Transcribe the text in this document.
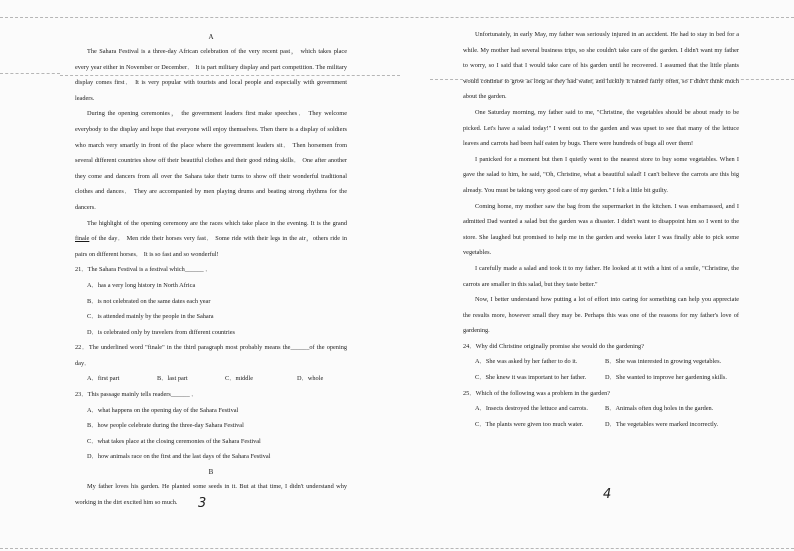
A

The Sahara Festival is a three-day African celebration of the very recent past， which takes place every year either in November or December． It is part military display and part competition. The military display comes first． It is very popular with tourists and local people and especially with government leaders.

During the opening ceremonies， the government leaders first make speeches． They welcome everybody to the display and hope that everyone will enjoy themselves. Then there is a display of soldiers who march very smartly in front of the place where the government leaders sit． Then horsemen from several different countries show off their beautiful clothes and their good riding skills． One after another they come and dancers from all over the Sahara take their turns to show off their wonderful traditional clothes and dances． They are accompanied by men playing drums and beating strong rhythms for the dancers.

The highlight of the opening ceremony are the races which take place in the evening. It is the grand finale of the day． Men ride their horses very fast． Some ride with their legs in the air，others ride in pairs on different horses． It is so fast and so wonderful!

21．The Sahara Festival is a festival which______ ．

A．has a very long history in North Africa

B．is not celebrated on the same dates each year

C．is attended mainly by the people in the Sahara

D．is celebrated only by travelers from different countries

22．The underlined word "finale" in the third paragraph most probably means the______of the opening day．

A．first part	B．last part	C．middle	D．whole

23．This passage mainly tells readers______ ．

A．what happens on the opening day of the Sahara Festival

B．how people celebrate during the three-day Sahara Festival

C．what takes place at the closing ceremonies of the Sahara Festival

D．how animals race on the first and the last days of the Sahara Festival

B

My father loves his garden. He planted some seeds in it. But at that time, I didn't understand why working in the dirt excited him so much.	3

Unfortunately, in early May, my father was seriously injured in an accident. He had to stay in bed for a while. My mother had several business trips, so she couldn't take care of the garden. I didn't want my father to worry, so I said that I would take care of his garden until he recovered. I assumed that the little plants would continue to grow as long as they had water, and luckily it rained fairly often, so I didn't think much about the garden.

One Saturday morning, my father said to me, "Christine, the vegetables should be about ready to be picked. Let's have a salad today!" I went out to the garden and was upset to see that many of the lettuce leaves and carrots had been half eaten by bugs. There were hundreds of bugs all over them!

I panicked for a moment but then I quietly went to the nearest store to buy some vegetables. When I gave the salad to him, he said, "Oh, Christine, what a beautiful salad! I can't believe the carrots are this big already. You must be taking very good care of my garden." I felt a little bit guilty.

Coming home, my mother saw the bag from the supermarket in the kitchen. I was embarrassed, and I admitted Dad wanted a salad but the garden was a disaster. I didn't want to disappoint him so I went to the store. She laughed but promised to help me in the garden and weeks later I was finally able to pick some vegetables.

I carefully made a salad and took it to my father. He looked at it with a hint of a smile, "Christine, the carrots are smaller in this salad, but they taste better."

Now, I better understand how putting a lot of effort into caring for something can help you appreciate the results more, however small they may be. Perhaps this was one of the reasons for my father's love of gardening.

24．Why did Christine originally promise she would do the gardening?

A．She was asked by her father to do it.	B．She was interested in growing vegetables.
C．She knew it was important to her father.	D．She wanted to improve her gardening skills.

25．Which of the following was a problem in the garden?

A．Insects destroyed the lettuce and carrots.	B．Animals often dug holes in the garden.
C．The plants were given too much water.	D．The vegetables were marked incorrectly.
4
